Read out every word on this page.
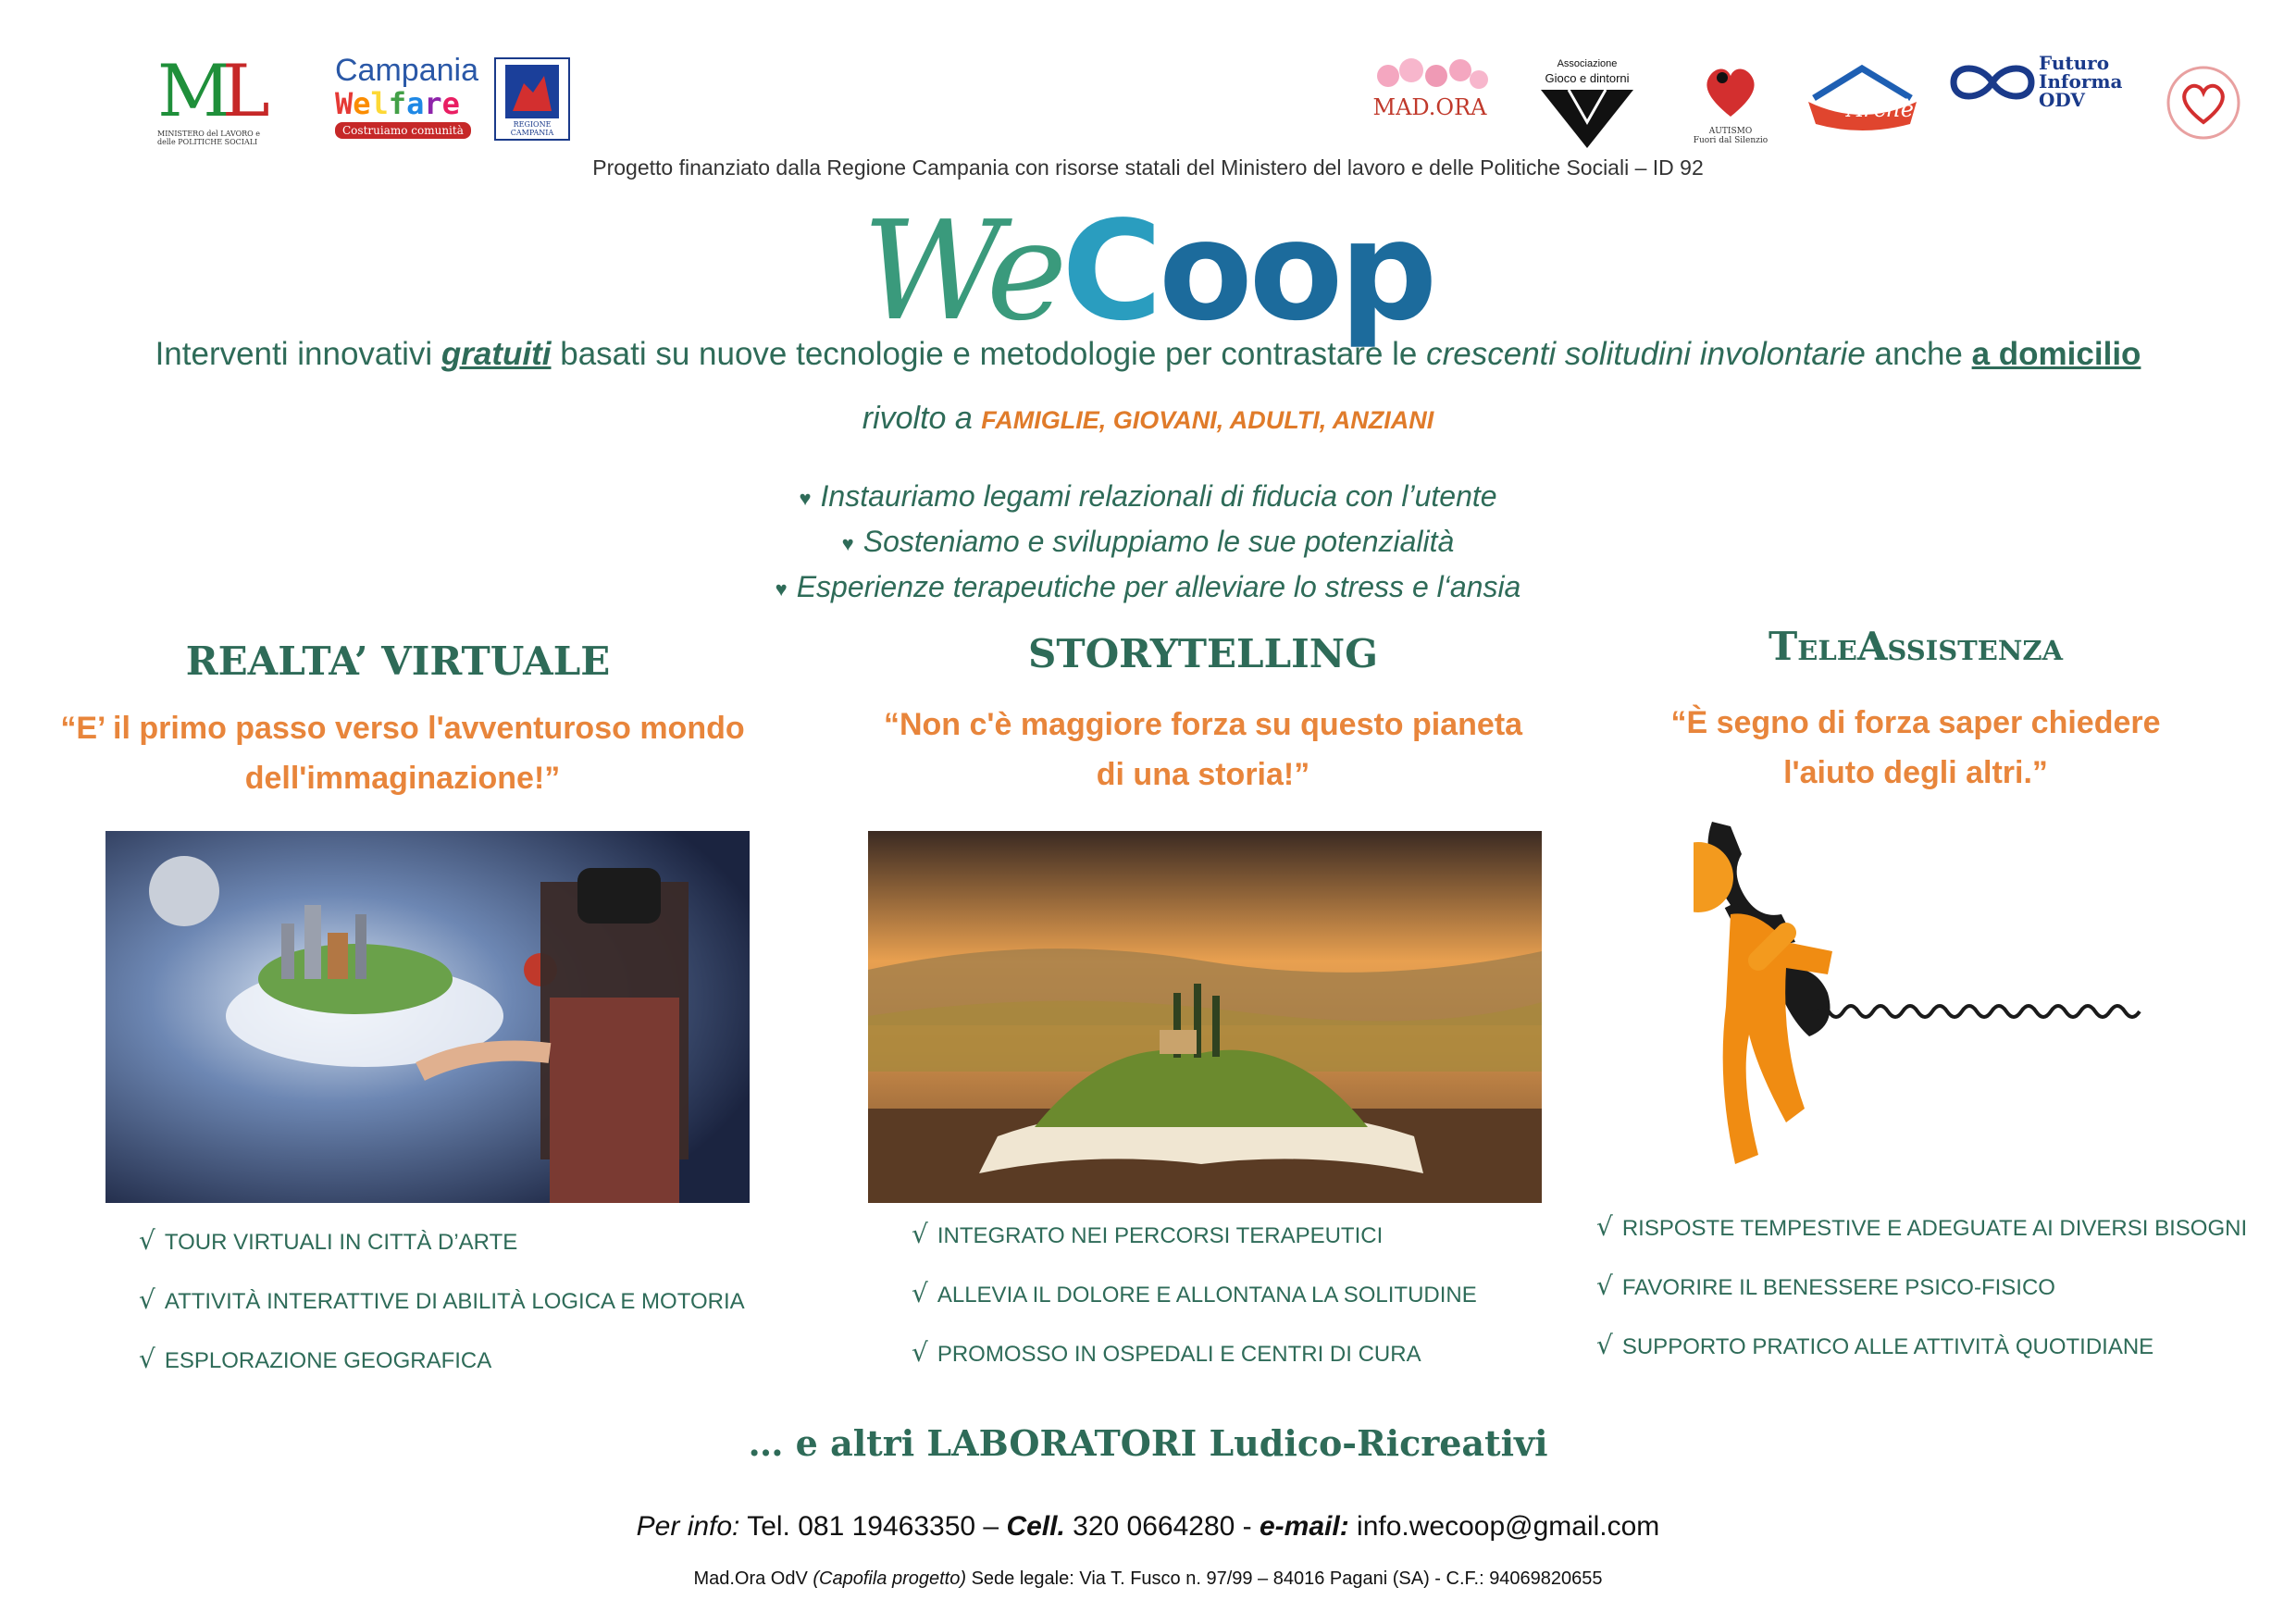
ML
MINISTERO del LAVORO e delle POLITICHE SOCIALI
Campania
Welfare
Costruiamo comunità	REGIONE CAMPANIA
MAD.ORA
Associazione
Gioco e dintorni
AUTISMO
Fuori dal Silenzio
Archè
Futuro
Informa
ODV
Progetto finanziato dalla Regione Campania con risorse statali del Ministero del lavoro e delle Politiche Sociali – ID 92
WeCoop
Interventi innovativi gratuiti basati su nuove tecnologie e metodologie per contrastare le crescenti solitudini involontarie anche a domicilio
rivolto a FAMIGLIE, GIOVANI, ADULTI, ANZIANI
♥ Instauriamo legami relazionali di fiducia con l’utente
♥ Sosteniamo e sviluppiamo le sue potenzialità
♥ Esperienze terapeutiche per alleviare lo stress e l‘ansia
REALTA’ VIRTUALE
“E’ il primo passo verso l'avventuroso mondo
dell'immaginazione!”
√ TOUR VIRTUALI IN CITTÀ D’ARTE
√ ATTIVITÀ INTERATTIVE DI ABILITÀ LOGICA E MOTORIA
√ ESPLORAZIONE GEOGRAFICA
STORYTELLING
“Non c'è maggiore forza su questo pianeta
di una storia!”
√ INTEGRATO NEI PERCORSI TERAPEUTICI
√ ALLEVIA IL DOLORE E ALLONTANA LA SOLITUDINE
√ PROMOSSO IN OSPEDALI E CENTRI DI CURA
TeleAssistenza
“È segno di forza saper chiedere
l'aiuto degli altri.”
√ RISPOSTE TEMPESTIVE E ADEGUATE AI DIVERSI BISOGNI
√ FAVORIRE IL BENESSERE PSICO-FISICO
√ SUPPORTO PRATICO ALLE ATTIVITÀ QUOTIDIANE
… e altri LABORATORI Ludico-Ricreativi
Per info: Tel. 081 19463350 – Cell. 320 0664280 - e-mail: info.wecoop@gmail.com
Mad.Ora OdV (Capofila progetto) Sede legale: Via T. Fusco n. 97/99 – 84016 Pagani (SA) - C.F.: 94069820655
